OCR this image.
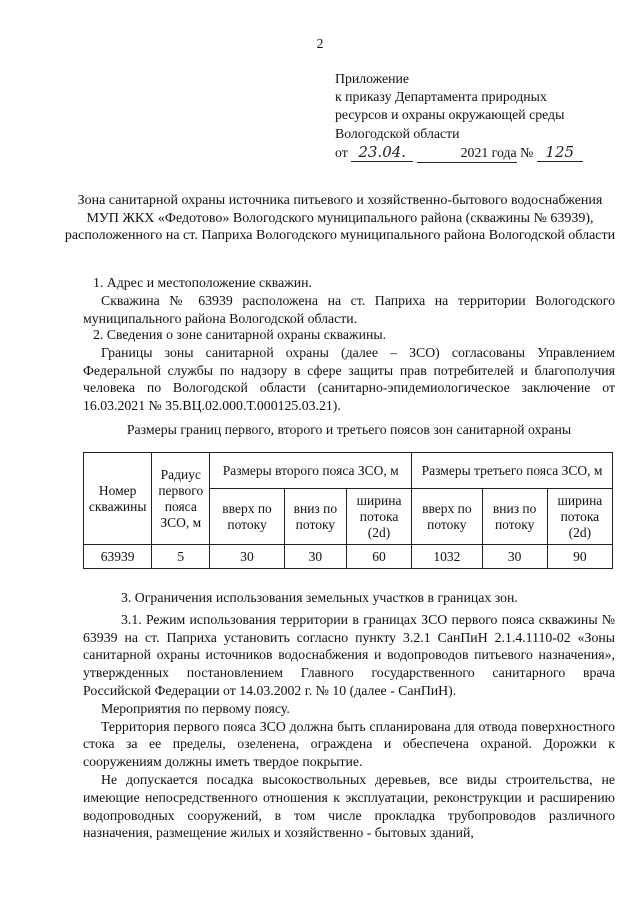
2
Приложение
к приказу Департамента природных
ресурсов и охраны окружающей среды
Вологодской области
от 23.04.	2021 года № 125
Зона санитарной охраны источника питьевого и хозяйственно-бытового водоснабжения МУП ЖКХ «Федотово» Вологодского муниципального района (скважины № 63939), расположенного на ст. Паприха Вологодского муниципального района Вологодской области

1. Адрес и местоположение скважин.

Скважина № 63939 расположена на ст. Паприха на территории Вологодского муниципального района Вологодской области.

2. Сведения о зоне санитарной охраны скважины.

Границы зоны санитарной охраны (далее – ЗСО) согласованы Управлением Федеральной службы по надзору в сфере защиты прав потребителей и благополучия человека по Вологодской области (санитарно-эпидемиологическое заключение от 16.03.2021 № 35.ВЦ.02.000.Т.000125.03.21).

Размеры границ первого, второго и третьего поясов зон санитарной охраны
Номер скважины	Радиус первого пояса ЗСО, м	Размеры второго пояса ЗСО, м			Размеры третьего пояса ЗСО, м		
		вверх по потоку	вниз по потоку	ширина потока (2d)	вверх по потоку	вниз по потоку	ширина потока (2d)
63939	5	30	30	60	1032	30	90

3. Ограничения использования земельных участков в границах зон.

3.1. Режим использования территории в границах ЗСО первого пояса скважины № 63939 на ст. Паприха установить согласно пункту 3.2.1 СанПиН 2.1.4.1110-02 «Зоны санитарной охраны источников водоснабжения и водопроводов питьевого назначения», утвержденных постановлением Главного государственного санитарного врача Российской Федерации от 14.03.2002 г. № 10 (далее - СанПиН).

Мероприятия по первому поясу.

Территория первого пояса ЗСО должна быть спланирована для отвода поверхностного стока за ее пределы, озеленена, ограждена и обеспечена охраной. Дорожки к сооружениям должны иметь твердое покрытие.

Не допускается посадка высокоствольных деревьев, все виды строительства, не имеющие непосредственного отношения к эксплуатации, реконструкции и расширению водопроводных сооружений, в том числе прокладка трубопроводов различного назначения, размещение жилых и хозяйственно - бытовых зданий,
